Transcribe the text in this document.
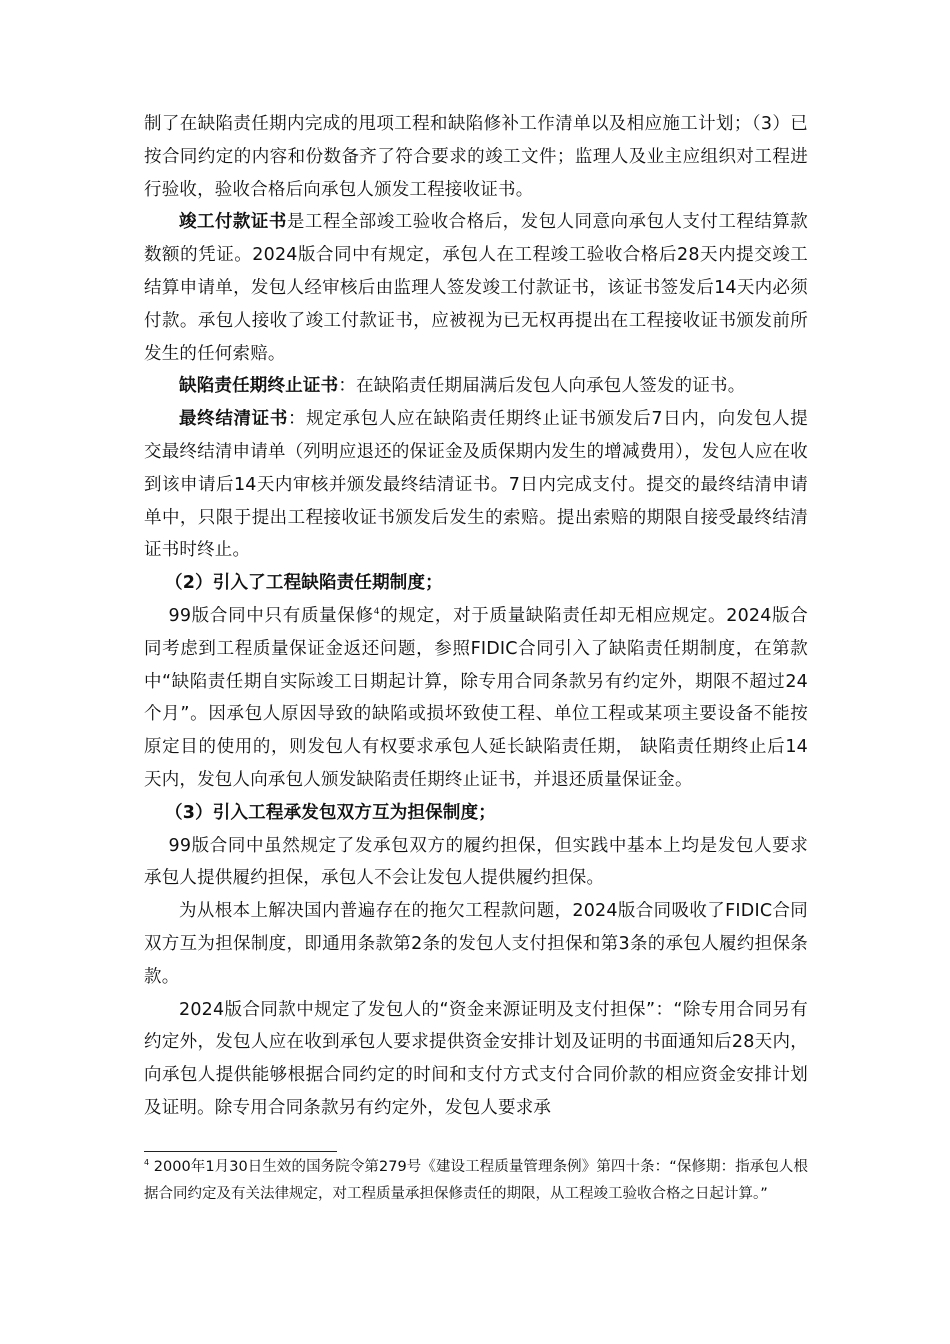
制了在缺陷责任期内完成的甩项工程和缺陷修补工作清单以及相应施工计划；（3）已按合同约定的内容和份数备齐了符合要求的竣工文件；监理人及业主应组织对工程进行验收，验收合格后向承包人颁发工程接收证书。

竣工付款证书是工程全部竣工验收合格后，发包人同意向承包人支付工程结算款数额的凭证。2024版合同中有规定，承包人在工程竣工验收合格后28天内提交竣工结算申请单，发包人经审核后由监理人签发竣工付款证书，该证书签发后14天内必须付款。承包人接收了竣工付款证书，应被视为已无权再提出在工程接收证书颁发前所发生的任何索赔。

缺陷责任期终止证书：在缺陷责任期届满后发包人向承包人签发的证书。

最终结清证书：规定承包人应在缺陷责任期终止证书颁发后7日内，向发包人提交最终结清申请单（列明应退还的保证金及质保期内发生的增减费用），发包人应在收到该申请后14天内审核并颁发最终结清证书。7日内完成支付。提交的最终结清申请单中，只限于提出工程接收证书颁发后发生的索赔。提出索赔的期限自接受最终结清证书时终止。

（2）引入了工程缺陷责任期制度；

99版合同中只有质量保修$^4$的规定，对于质量缺陷责任却无相应规定。2024版合同考虑到工程质量保证金返还问题，参照FIDIC合同引入了缺陷责任期制度，在第款中“缺陷责任期自实际竣工日期起计算，除专用合同条款另有约定外，期限不超过24个月”。因承包人原因导致的缺陷或损坏致使工程、单位工程或某项主要设备不能按原定目的使用的，则发包人有权要求承包人延长缺陷责任期， 缺陷责任期终止后14天内，发包人向承包人颁发缺陷责任期终止证书，并退还质量保证金。

（3）引入工程承发包双方互为担保制度；

99版合同中虽然规定了发承包双方的履约担保，但实践中基本上均是发包人要求承包人提供履约担保，承包人不会让发包人提供履约担保。

为从根本上解决国内普遍存在的拖欠工程款问题，2024版合同吸收了FIDIC合同双方互为担保制度，即通用条款第2条的发包人支付担保和第3条的承包人履约担保条款。

2024版合同款中规定了发包人的“资金来源证明及支付担保”：“除专用合同另有约定外，发包人应在收到承包人要求提供资金安排计划及证明的书面通知后28天内，向承包人提供能够根据合同约定的时间和支付方式支付合同价款的相应资金安排计划及证明。除专用合同条款另有约定外，发包人要求承

$^4$ 2000年1月30日生效的国务院令第279号《建设工程质量管理条例》第四十条：“保修期：指承包人根据合同约定及有关法律规定，对工程质量承担保修责任的期限，从工程竣工验收合格之日起计算。”
